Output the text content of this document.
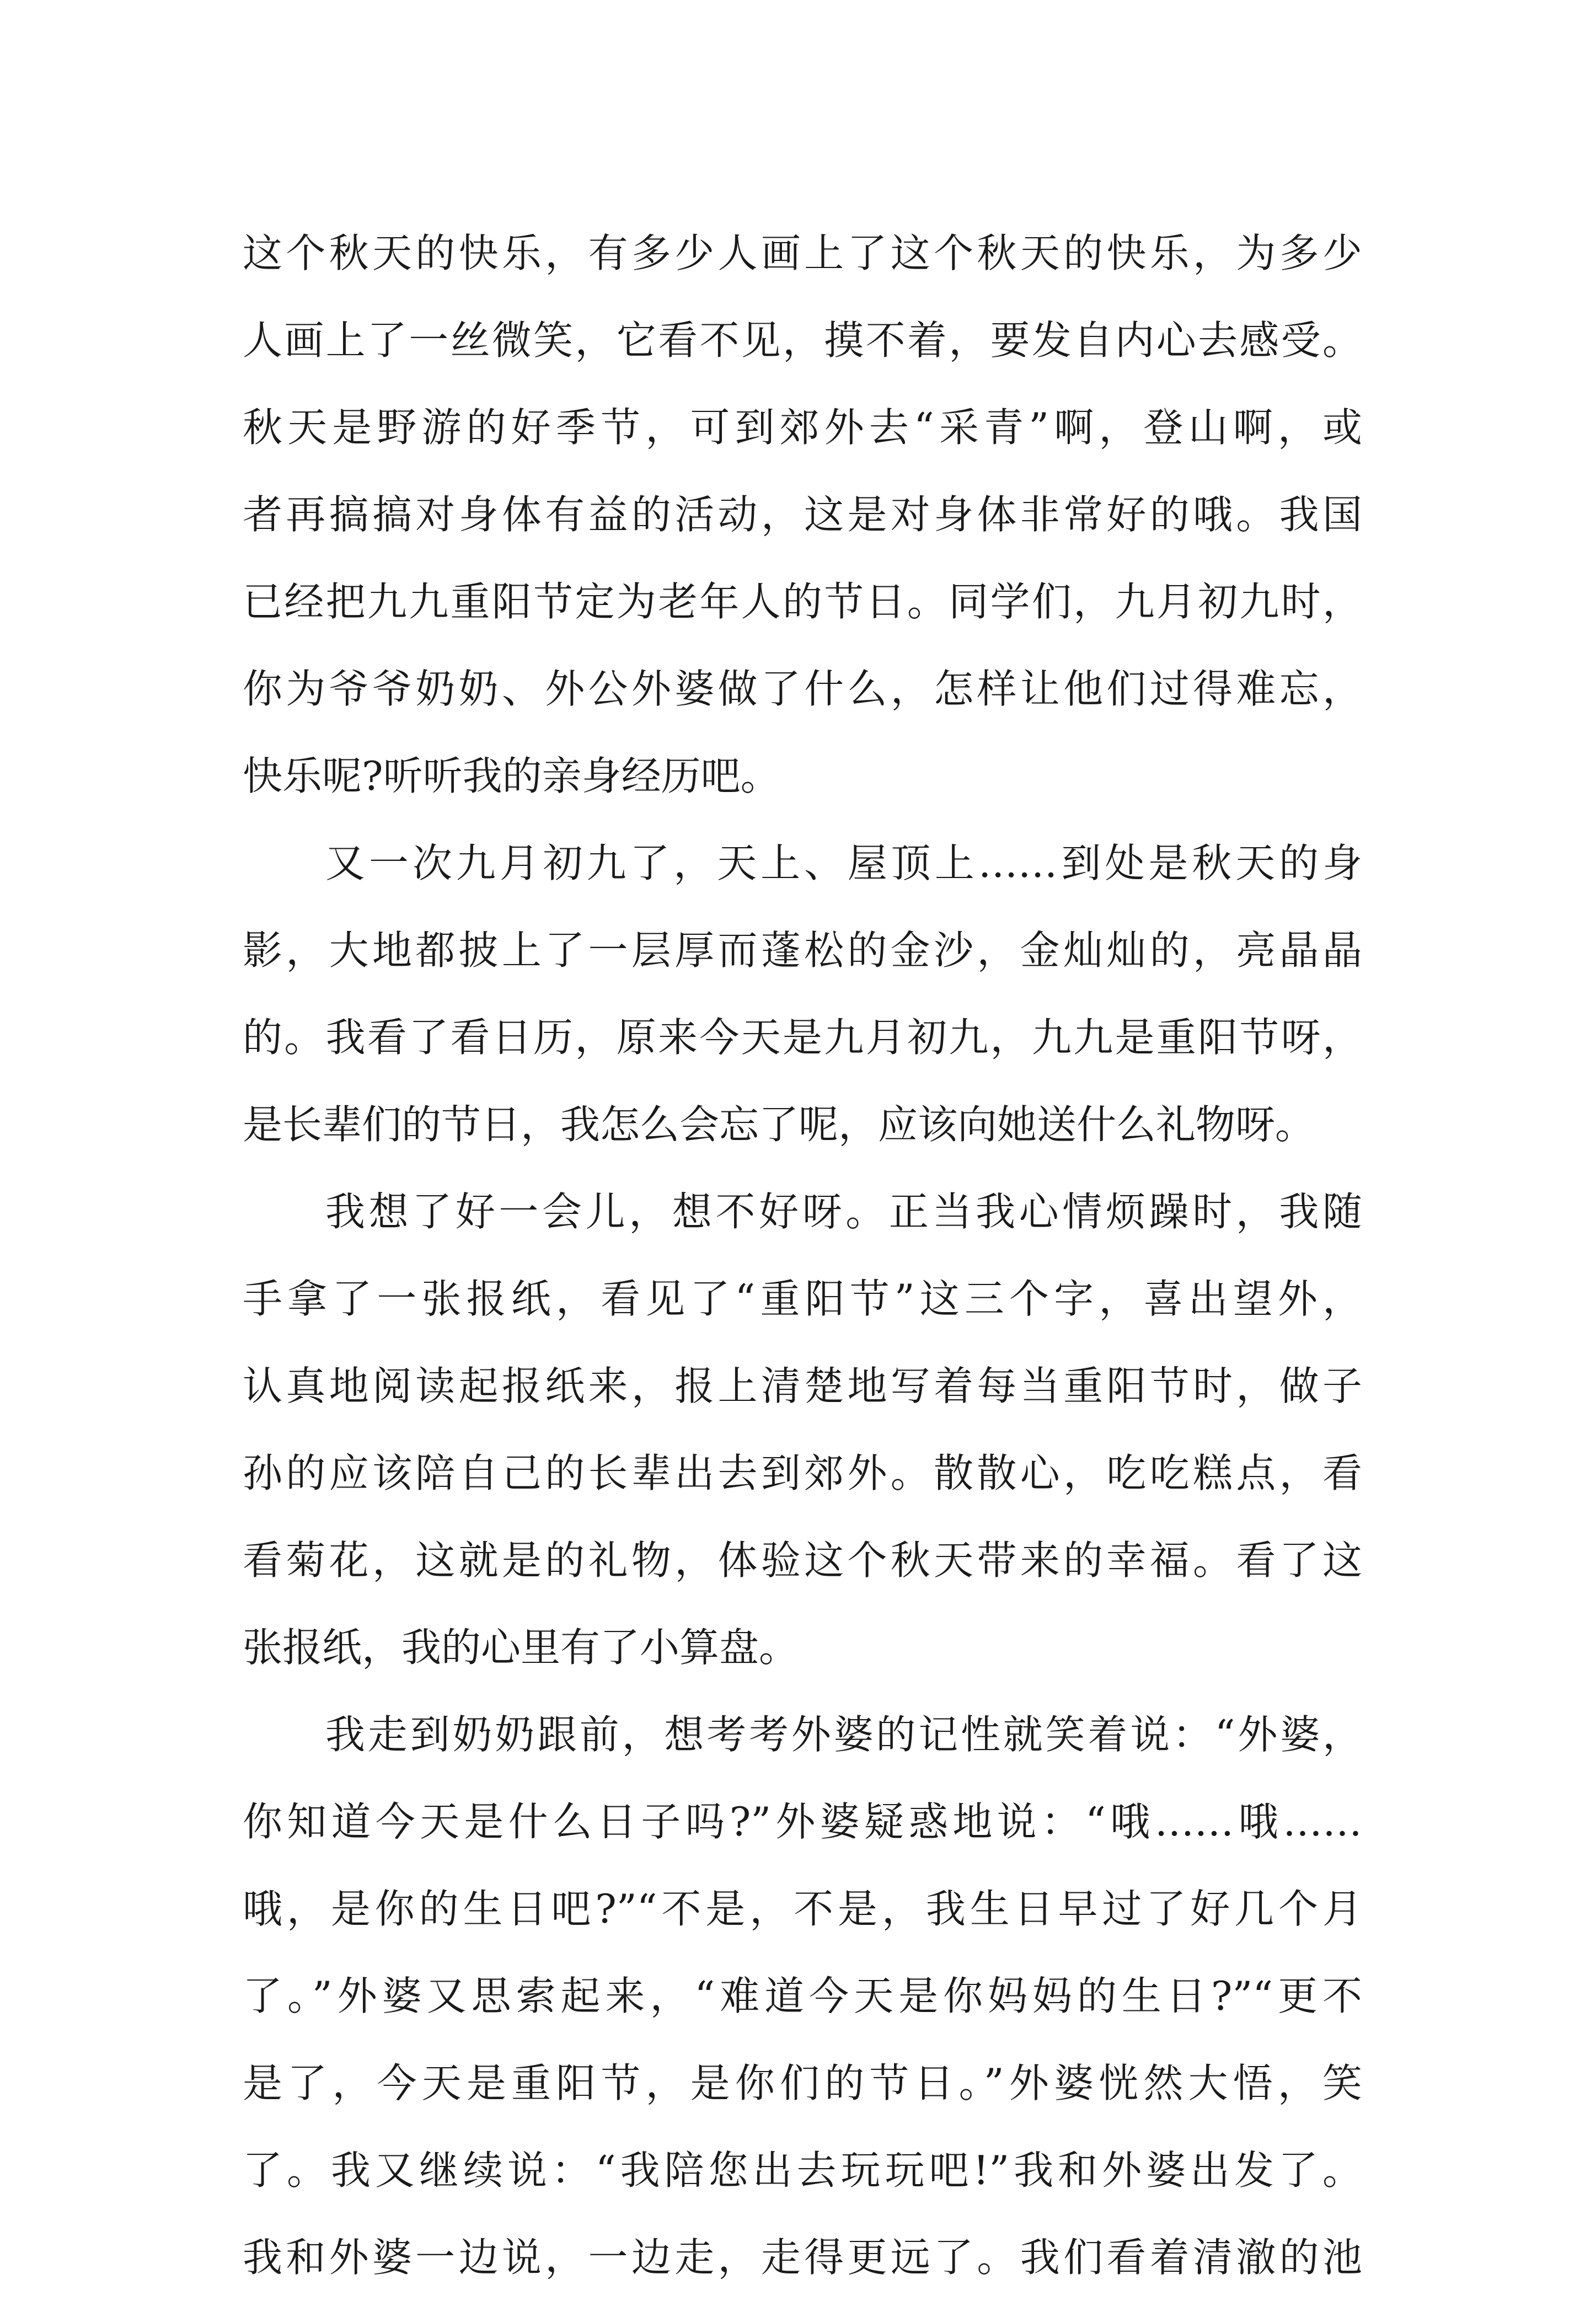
这个秋天的快乐，有多少人画上了这个秋天的快乐，为多少
人画上了一丝微笑，它看不见，摸不着，要发自内心去感受。
秋天是野游的好季节，可到郊外去“采青”啊，登山啊，或
者再搞搞对身体有益的活动，这是对身体非常好的哦。我国
已经把九九重阳节定为老年人的节日。同学们，九月初九时，
你为爷爷奶奶、外公外婆做了什么，怎样让他们过得难忘，
快乐呢?听听我的亲身经历吧。
又一次九月初九了，天上、屋顶上……到处是秋天的身
影，大地都披上了一层厚而蓬松的金沙，金灿灿的，亮晶晶
的。我看了看日历，原来今天是九月初九，九九是重阳节呀，
是长辈们的节日，我怎么会忘了呢，应该向她送什么礼物呀。
我想了好一会儿，想不好呀。正当我心情烦躁时，我随
手拿了一张报纸，看见了“重阳节”这三个字，喜出望外，
认真地阅读起报纸来，报上清楚地写着每当重阳节时，做子
孙的应该陪自己的长辈出去到郊外。散散心，吃吃糕点，看
看菊花，这就是的礼物，体验这个秋天带来的幸福。看了这
张报纸，我的心里有了小算盘。
我走到奶奶跟前，想考考外婆的记性就笑着说：“外婆，
你知道今天是什么日子吗?”外婆疑惑地说：“哦……哦……
哦，是你的生日吧?”“不是，不是，我生日早过了好几个月
了。”外婆又思索起来，“难道今天是你妈妈的生日?”“更不
是了，今天是重阳节，是你们的节日。”外婆恍然大悟，笑
了。我又继续说：“我陪您出去玩玩吧!”我和外婆出发了。
我和外婆一边说，一边走，走得更远了。我们看着清澈的池
